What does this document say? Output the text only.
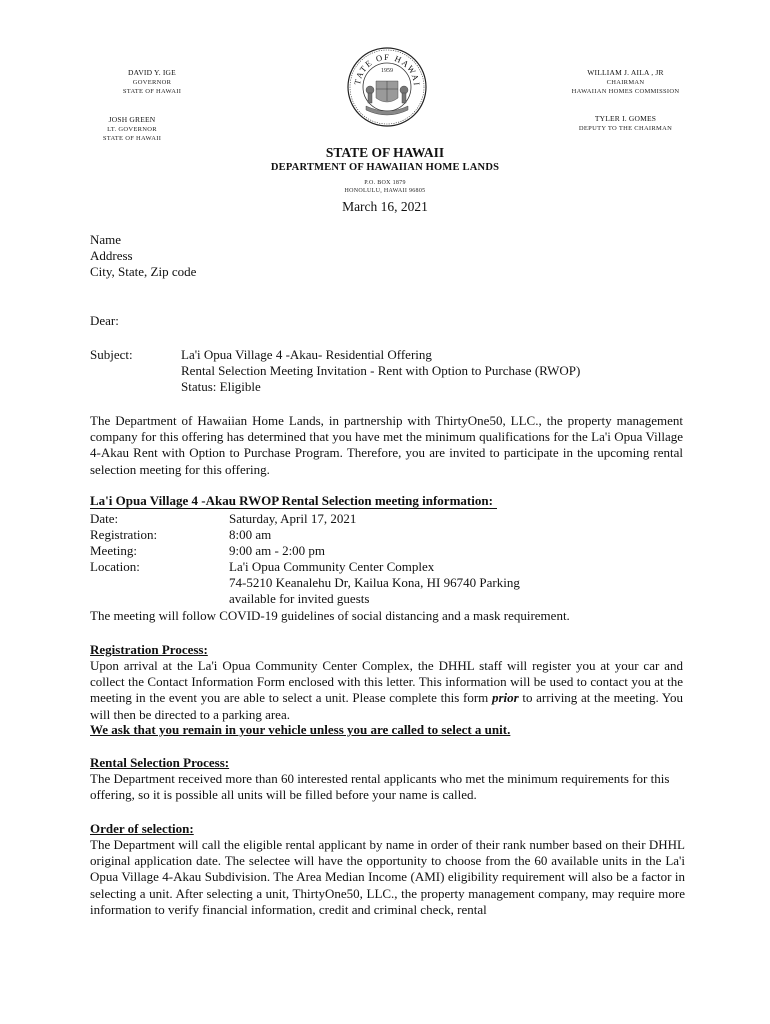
DAVID Y. IGE
GOVERNOR
STATE OF HAWAII
JOSH GREEN
LT. GOVERNOR
STATE OF HAWAII
WILLIAM J. AILA , JR
CHAIRMAN
HAWAIIAN HOMES COMMISSION
TYLER I. GOMES
DEPUTY TO THE CHAIRMAN
TATE OF HAWAI
1959
STATE OF HAWAII
DEPARTMENT OF HAWAIIAN HOME LANDS
P.O. BOX 1879
HONOLULU, HAWAII 96805
March 16, 2021
Name
Address
City, State, Zip code
Dear:
Subject:	La'i Opua Village 4 -Akau- Residential Offering
Rental Selection Meeting Invitation - Rent with Option to Purchase (RWOP)
Status: Eligible
The Department of Hawaiian Home Lands, in partnership with ThirtyOne50, LLC., the property management company for this offering has determined that you have met the minimum qualifications for the La'i Opua Village 4-Akau Rent with Option to Purchase Program. Therefore, you are invited to participate in the upcoming rental selection meeting for this offering.
La'i Opua Village 4 -Akau RWOP Rental Selection meeting information:
Date:	Saturday, April 17, 2021
Registration:	8:00 am
Meeting:	9:00 am - 2:00 pm
Location:	La'i Opua Community Center Complex
74-5210 Keanalehu Dr, Kailua Kona, HI 96740 Parking
available for invited guests
The meeting will follow COVID-19 guidelines of social distancing and a mask requirement.
Registration Process:
Upon arrival at the La'i Opua Community Center Complex, the DHHL staff will register you at your car and collect the Contact Information Form enclosed with this letter. This information will be used to contact you at the meeting in the event you are able to select a unit. Please complete this form prior to arriving at the meeting. You will then be directed to a parking area.
We ask that you remain in your vehicle unless you are called to select a unit.
Rental Selection Process:
The Department received more than 60 interested rental applicants who met the minimum requirements for this offering, so it is possible all units will be filled before your name is called.
Order of selection:
The Department will call the eligible rental applicant by name in order of their rank number based on their DHHL original application date. The selectee will have the opportunity to choose from the 60 available units in the La'i Opua Village 4-Akau Subdivision. The Area Median Income (AMI) eligibility requirement will also be a factor in selecting a unit. After selecting a unit, ThirtyOne50, LLC., the property management company, may require more information to verify financial information, credit and criminal check, rental
